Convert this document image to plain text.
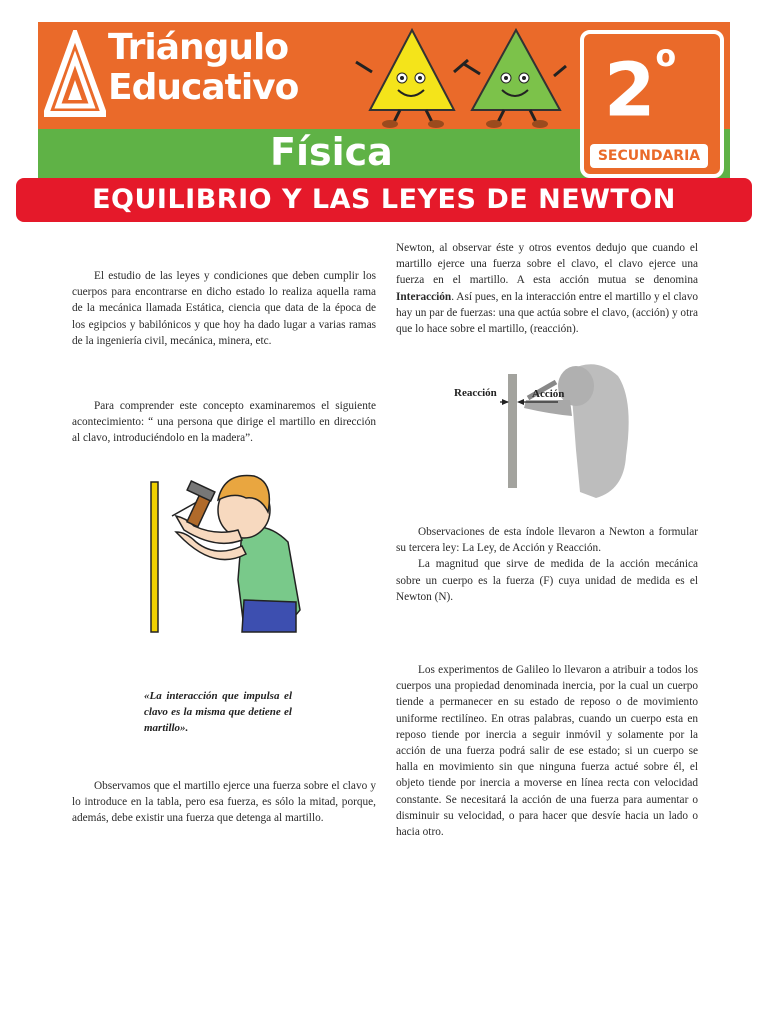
Triángulo
Educativo
Física
2$^o$
SECUNDARIA
EQUILIBRIO Y LAS LEYES DE NEWTON

El estudio de las leyes y condiciones que deben cumplir los cuerpos para encontrarse en dicho estado lo realiza aquella rama de la mecánica llamada Estática, ciencia que data de la época de los egipcios y babilónicos y que hoy ha dado lugar a varias ramas de la ingeniería civil, mecánica, minera, etc.

Para comprender este concepto examinaremos el siguiente acontecimiento: “ una persona que dirige el martillo en dirección al clavo, introduciéndolo en la madera”.

«La interacción que impulsa el clavo es la misma que detiene el martillo».

Observamos que el martillo ejerce una fuerza sobre el clavo y lo introduce en la tabla, pero esa fuerza, es sólo la mitad, porque, además, debe existir una fuerza que detenga al martillo.

Newton, al observar éste y otros eventos dedujo que cuando el martillo ejerce una fuerza sobre el clavo, el clavo ejerce una fuerza en el martillo. A esta acción mutua se denomina Interacción. Así pues, en la interacción entre el martillo y el clavo hay un par de fuerzas: una que actúa sobre el clavo, (acción) y otra que lo hace sobre el martillo, (reacción).

Reacción	Acción

Observaciones de esta índole llevaron a Newton a formular su tercera ley: La Ley, de Acción y Reacción.

La magnitud que sirve de medida de la acción mecánica sobre un cuerpo es la fuerza (F) cuya unidad de medida es el Newton (N).

Los experimentos de Galileo lo llevaron a atribuir a todos los cuerpos una propiedad denominada inercia, por la cual un cuerpo tiende a permanecer en su estado de reposo o de movimiento uniforme rectilíneo. En otras palabras, cuando un cuerpo esta en reposo tiende por inercia a seguir inmóvil y solamente por la acción de una fuerza podrá salir de ese estado; si un cuerpo se halla en movimiento sin que ninguna fuerza actué sobre él, el objeto tiende por inercia a moverse en línea recta con velocidad constante. Se necesitará la acción de una fuerza para aumentar o disminuir su velocidad, o para hacer que desvíe hacia un lado o hacia otro.
